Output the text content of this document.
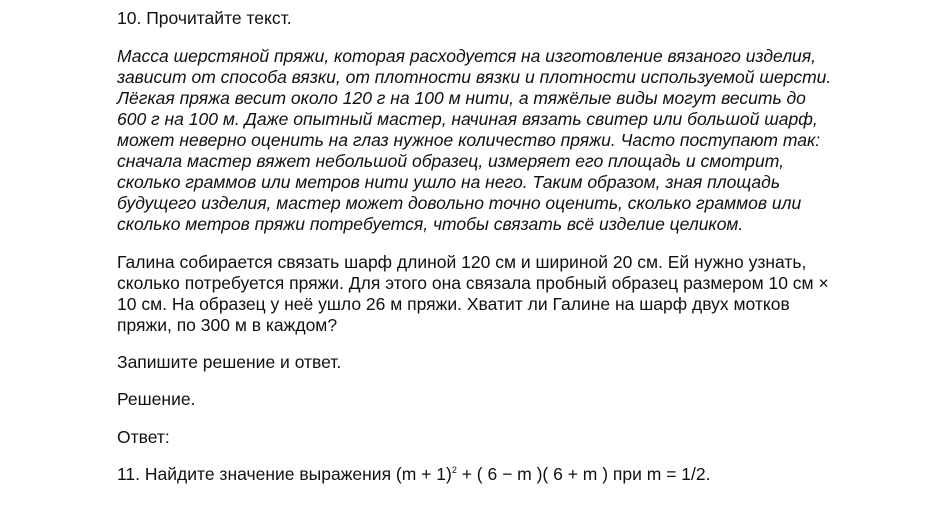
10. Прочитайте текст.
Масса шерстяной пряжи, которая расходуется на изготовление вязаного изделия,
зависит от способа вязки, от плотности вязки и плотности используемой шерсти.
Лёгкая пряжа весит около 120 г на 100 м нити, а тяжёлые виды могут весить до
600 г на 100 м. Даже опытный мастер, начиная вязать свитер или большой шарф,
может неверно оценить на глаз нужное количество пряжи. Часто поступают так:
сначала мастер вяжет небольшой образец, измеряет его площадь и смотрит,
сколько граммов или метров нити ушло на него. Таким образом, зная площадь
будущего изделия, мастер может довольно точно оценить, сколько граммов или
сколько метров пряжи потребуется, чтобы связать всё изделие целиком.
Галина собирается связать шарф длиной 120 см и шириной 20 см. Ей нужно узнать,
сколько потребуется пряжи. Для этого она связала пробный образец размером 10 см ×
10 см. На образец у неё ушло 26 м пряжи. Хватит ли Галине на шарф двух мотков
пряжи, по 300 м в каждом?
Запишите решение и ответ.
Решение.
Ответ:
11. Найдите значение выражения $(m + 1)^2$ + ( 6 − m )( 6 + m ) при m = 1/2.
